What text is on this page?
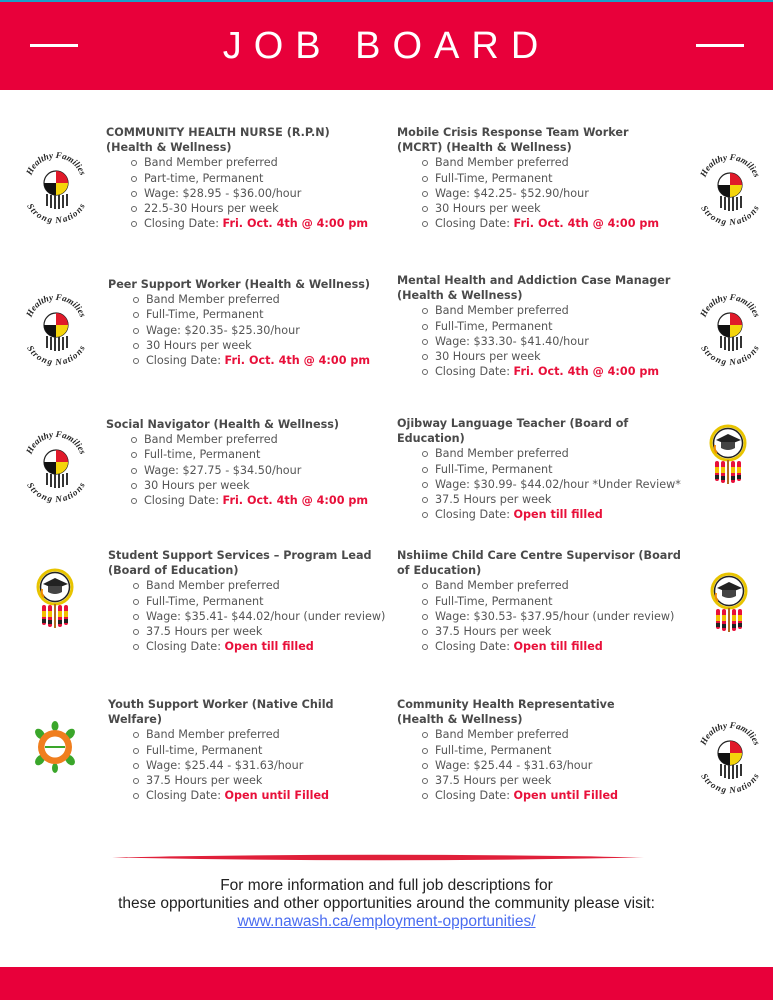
JOB BOARD
COMMUNITY HEALTH NURSE (R.P.N) (Health & Wellness)
Band Member preferred
Part-time, Permanent
Wage: $28.95 - $36.00/hour
22.5-30 Hours per week
Closing Date: Fri. Oct. 4th @ 4:00 pm
Mobile Crisis Response Team Worker (MCRT) (Health & Wellness)
Band Member preferred
Full-Time, Permanent
Wage: $42.25- $52.90/hour
30 Hours per week
Closing Date: Fri. Oct. 4th @ 4:00 pm
Peer Support Worker (Health & Wellness)
Band Member preferred
Full-Time, Permanent
Wage: $20.35- $25.30/hour
30 Hours per week
Closing Date: Fri. Oct. 4th @ 4:00 pm
Mental Health and Addiction Case Manager (Health & Wellness)
Band Member preferred
Full-Time, Permanent
Wage: $33.30- $41.40/hour
30 Hours per week
Closing Date: Fri. Oct. 4th @ 4:00 pm
Social Navigator (Health & Wellness)
Band Member preferred
Full-time, Permanent
Wage: $27.75 - $34.50/hour
30 Hours per week
Closing Date: Fri. Oct. 4th @ 4:00 pm
Ojibway Language Teacher (Board of Education)
Band Member preferred
Full-Time, Permanent
Wage: $30.99- $44.02/hour *Under Review*
37.5 Hours per week
Closing Date: Open till filled
Student Support Services – Program Lead (Board of Education)
Band Member preferred
Full-Time, Permanent
Wage: $35.41- $44.02/hour (under review)
37.5 Hours per week
Closing Date: Open till filled
Nshiime Child Care Centre Supervisor (Board of Education)
Band Member preferred
Full-Time, Permanent
Wage: $30.53- $37.95/hour (under review)
37.5 Hours per week
Closing Date: Open till filled
Youth Support Worker (Native Child Welfare)
Band Member preferred
Full-time, Permanent
Wage: $25.44 - $31.63/hour
37.5 Hours per week
Closing Date: Open until Filled
Community Health Representative (Health & Wellness)
Band Member preferred
Full-time, Permanent
Wage: $25.44 - $31.63/hour
37.5 Hours per week
Closing Date: Open until Filled
For more information and full job descriptions for
these opportunities and other opportunities around the community please visit:
www.nawash.ca/employment-opportunities/
